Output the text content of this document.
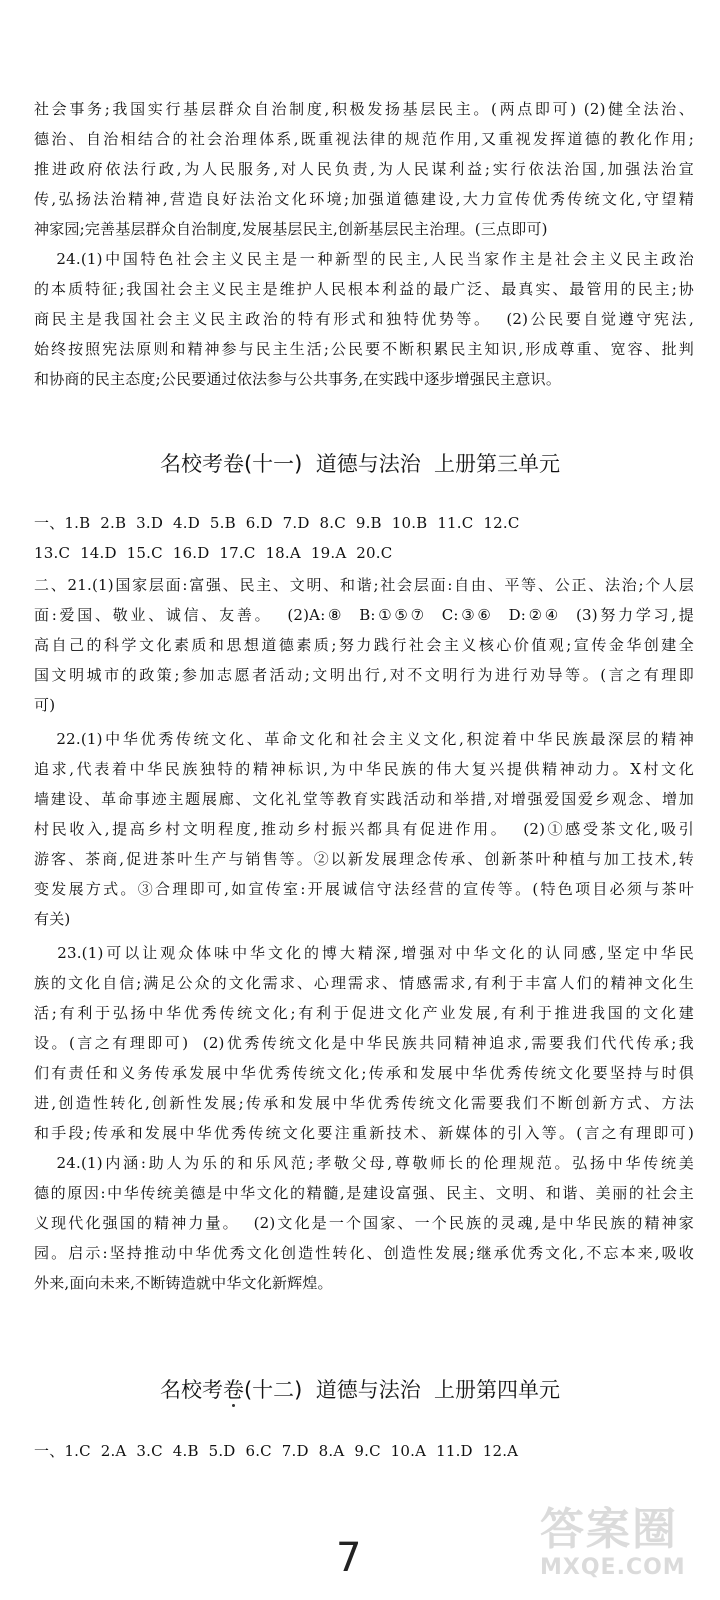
社会事务;我国实行基层群众自治制度,积极发扬基层民主。(两点即可) (2)健全法治、
德治、自治相结合的社会治理体系,既重视法律的规范作用,又重视发挥道德的教化作用;
推进政府依法行政,为人民服务,对人民负责,为人民谋利益;实行依法治国,加强法治宣
传,弘扬法治精神,营造良好法治文化环境;加强道德建设,大力宣传优秀传统文化,守望精
神家园;完善基层群众自治制度,发展基层民主,创新基层民主治理。(三点即可)
24.(1)中国特色社会主义民主是一种新型的民主,人民当家作主是社会主义民主政治
的本质特征;我国社会主义民主是维护人民根本利益的最广泛、最真实、最管用的民主;协
商民主是我国社会主义民主政治的特有形式和独特优势等。  (2)公民要自觉遵守宪法,
始终按照宪法原则和精神参与民主生活;公民要不断积累民主知识,形成尊重、宽容、批判
和协商的民主态度;公民要通过依法参与公共事务,在实践中逐步增强民主意识。
名校考卷(十一)  道德与法治  上册第三单元
一、1.B  2.B  3.D  4.D  5.B  6.D  7.D  8.C  9.B  10.B  11.C  12.C
13.C  14.D  15.C  16.D  17.C  18.A  19.A  20.C
二、21.(1)国家层面:富强、民主、文明、和谐;社会层面:自由、平等、公正、法治;个人层
面:爱国、敬业、诚信、友善。  (2)A:⑧  B:①⑤⑦  C:③⑥  D:②④  (3)努力学习,提
高自己的科学文化素质和思想道德素质;努力践行社会主义核心价值观;宣传金华创建全
国文明城市的政策;参加志愿者活动;文明出行,对不文明行为进行劝导等。(言之有理即
可)
22.(1)中华优秀传统文化、革命文化和社会主义文化,积淀着中华民族最深层的精神
追求,代表着中华民族独特的精神标识,为中华民族的伟大复兴提供精神动力。X村文化
墙建设、革命事迹主题展廊、文化礼堂等教育实践活动和举措,对增强爱国爱乡观念、增加
村民收入,提高乡村文明程度,推动乡村振兴都具有促进作用。  (2)①感受茶文化,吸引
游客、茶商,促进茶叶生产与销售等。②以新发展理念传承、创新茶叶种植与加工技术,转
变发展方式。③合理即可,如宣传室:开展诚信守法经营的宣传等。(特色项目必须与茶叶
有关)
23.(1)可以让观众体味中华文化的博大精深,增强对中华文化的认同感,坚定中华民
族的文化自信;满足公众的文化需求、心理需求、情感需求,有利于丰富人们的精神文化生
活;有利于弘扬中华优秀传统文化;有利于促进文化产业发展,有利于推进我国的文化建
设。(言之有理即可)  (2)优秀传统文化是中华民族共同精神追求,需要我们代代传承;我
们有责任和义务传承发展中华优秀传统文化;传承和发展中华优秀传统文化要坚持与时俱
进,创造性转化,创新性发展;传承和发展中华优秀传统文化需要我们不断创新方式、方法
和手段;传承和发展中华优秀传统文化要注重新技术、新媒体的引入等。(言之有理即可)
24.(1)内涵:助人为乐的和乐风范;孝敬父母,尊敬师长的伦理规范。弘扬中华传统美
德的原因:中华传统美德是中华文化的精髓,是建设富强、民主、文明、和谐、美丽的社会主
义现代化强国的精神力量。  (2)文化是一个国家、一个民族的灵魂,是中华民族的精神家
园。启示:坚持推动中华优秀文化创造性转化、创造性发展;继承优秀文化,不忘本来,吸收
外来,面向未来,不断铸造就中华文化新辉煌。
名校考卷(十二)  道德与法治  上册第四单元
一、1.C  2.A  3.C  4.B  5.D  6.C  7.D  8.A  9.C  10.A  11.D  12.A
7
答案圈
MXQE.COM
